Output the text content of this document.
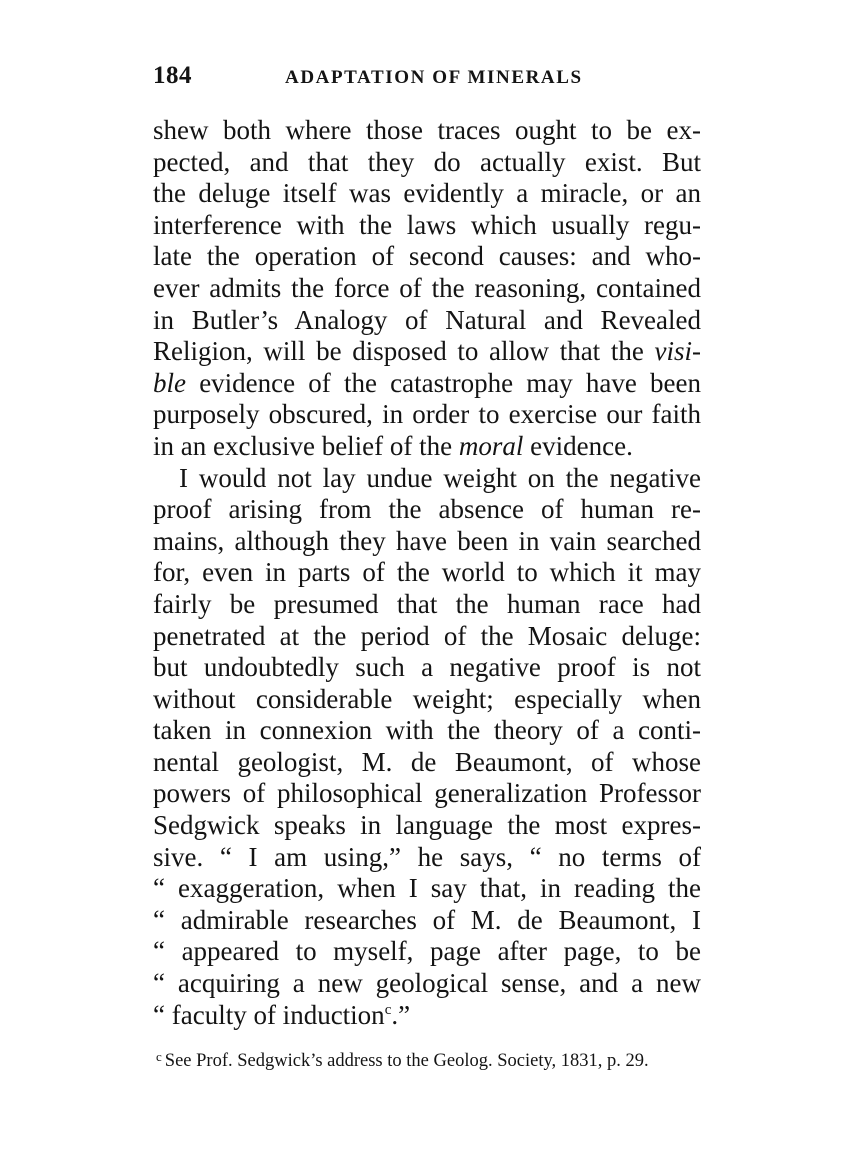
184	ADAPTATION OF MINERALS
shew both where those traces ought to be ex-
pected, and that they do actually exist. But
the deluge itself was evidently a miracle, or an
interference with the laws which usually regu-
late the operation of second causes: and who-
ever admits the force of the reasoning, contained
in Butler’s Analogy of Natural and Revealed
Religion, will be disposed to allow that the visi-
ble evidence of the catastrophe may have been
purposely obscured, in order to exercise our faith
in an exclusive belief of the moral evidence.
I would not lay undue weight on the negative
proof arising from the absence of human re-
mains, although they have been in vain searched
for, even in parts of the world to which it may
fairly be presumed that the human race had
penetrated at the period of the Mosaic deluge:
but undoubtedly such a negative proof is not
without considerable weight; especially when
taken in connexion with the theory of a conti-
nental geologist, M. de Beaumont, of whose
powers of philosophical generalization Professor
Sedgwick speaks in language the most expres-
sive. “ I am using,” he says, “ no terms of
“ exaggeration, when I say that, in reading the
“ admirable researches of M. de Beaumont, I
“ appeared to myself, page after page, to be
“ acquiring a new geological sense, and a new
“ faculty of induction$^c$.”
$^c$ See Prof. Sedgwick’s address to the Geolog. Society, 1831, p. 29.
